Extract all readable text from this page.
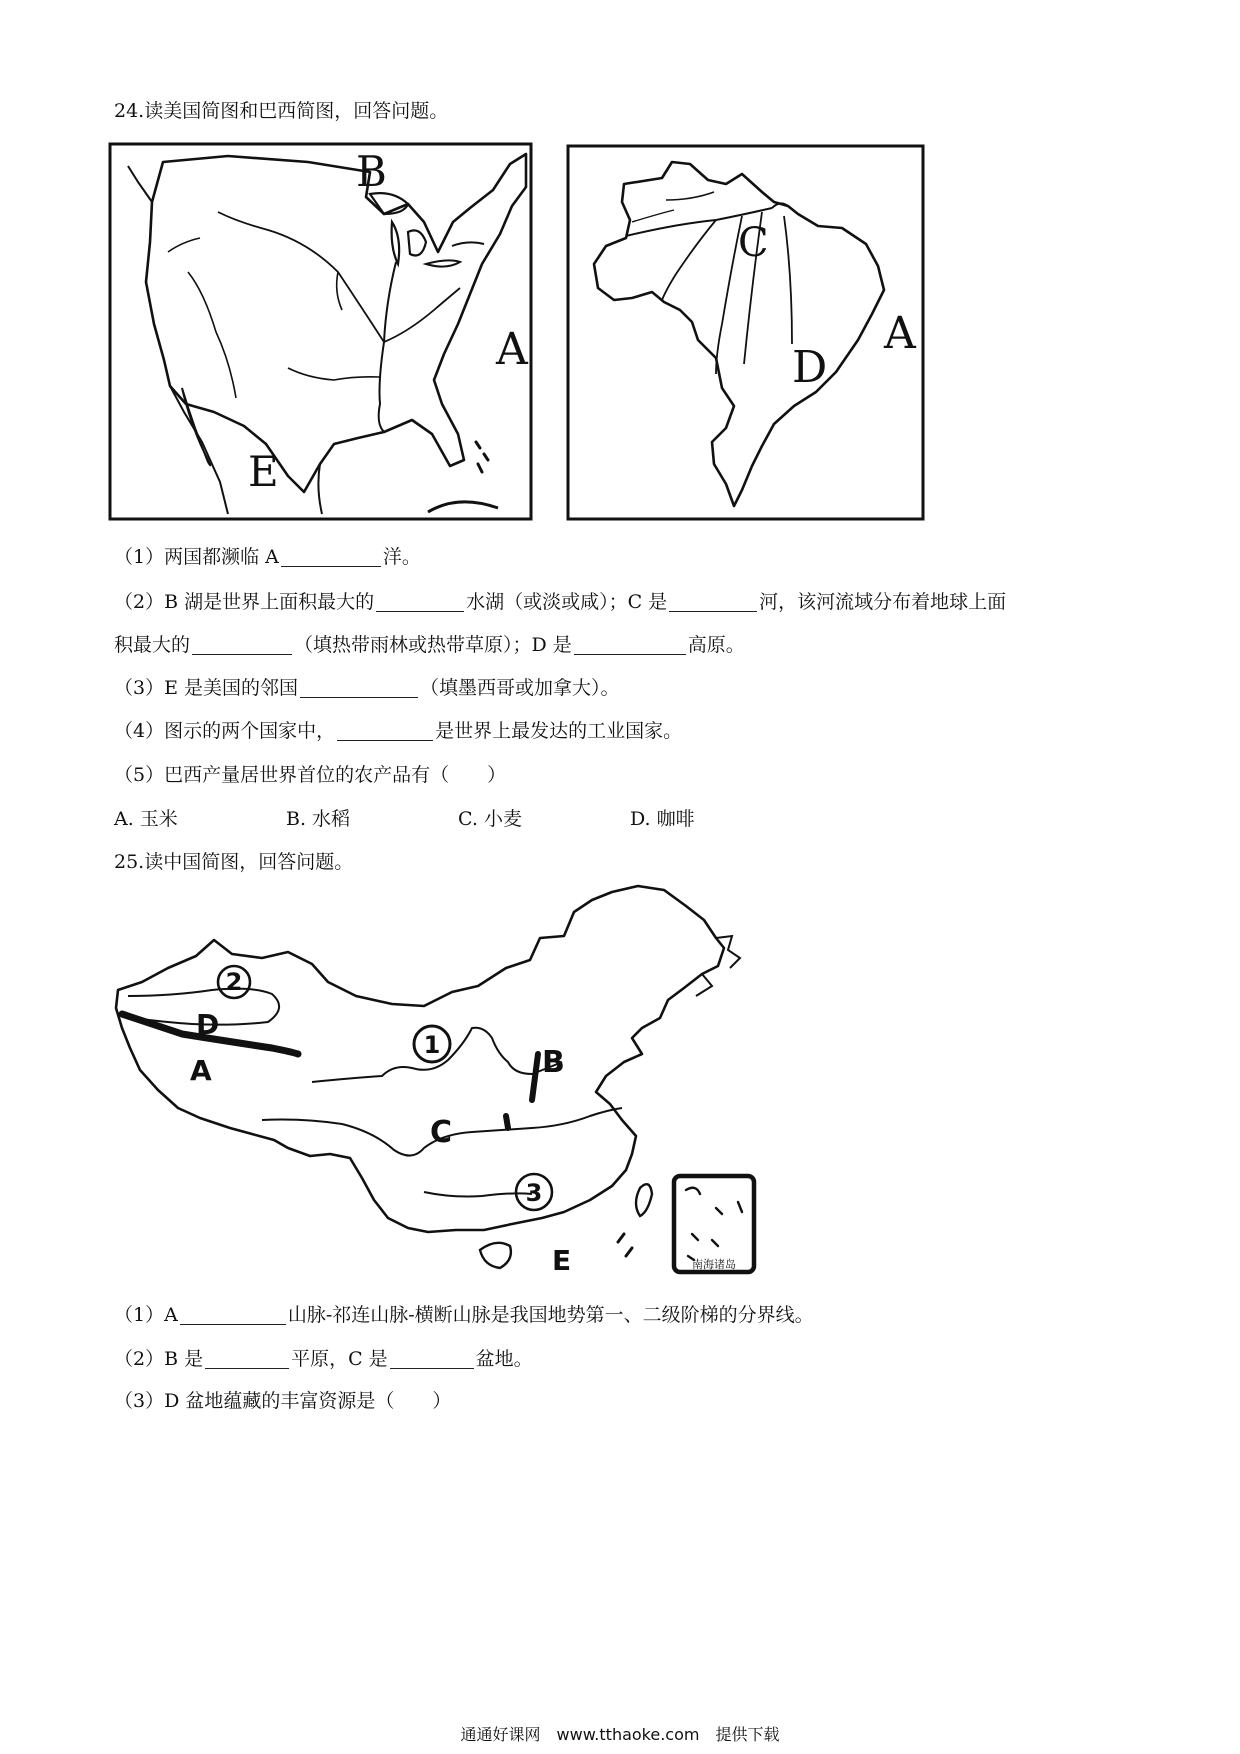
24.读美国简图和巴西简图，回答问题。
B
A
E
C
D
A
（1）两国都濒临 A	洋。
（2）B 湖是世界上面积最大的	水湖（或淡或咸）；C 是	河，该河流域分布着地球上面
积最大的	（填热带雨林或热带草原）；D 是	高原。
（3）E 是美国的邻国	（填墨西哥或加拿大）。
（4）图示的两个国家中，	是世界上最发达的工业国家。
（5）巴西产量居世界首位的农产品有（　　）
A. 玉米	B. 水稻	C. 小麦	D. 咖啡
25.读中国简图，回答问题。
南海诸岛
2
1
3
D
A	B
C
E
（1）A	山脉-祁连山脉-横断山脉是我国地势第一、二级阶梯的分界线。
（2）B 是	平原，C 是	盆地。
（3）D 盆地蕴藏的丰富资源是（　　）
通通好课网　www.tthaoke.com　提供下载
